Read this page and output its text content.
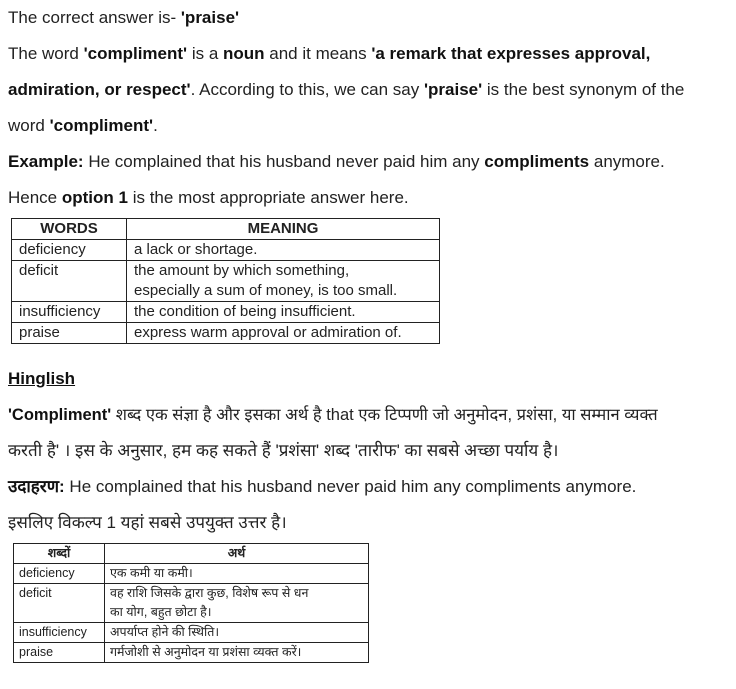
The correct answer is- 'praise'
The word 'compliment' is a noun and it means 'a remark that expresses approval,
admiration, or respect'. According to this, we can say 'praise' is the best synonym of the
word 'compliment'.
Example: He complained that his husband never paid him any compliments anymore.
Hence option 1 is the most appropriate answer here.
WORDS	MEANING
deficiency	a lack or shortage.
deficit	the amount by which something,
especially a sum of money, is too small.
insufficiency	the condition of being insufficient.
praise	express warm approval or admiration of.
Hinglish
'Compliment' शब्द एक संज्ञा है और इसका अर्थ है that एक टिप्पणी जो अनुमोदन, प्रशंसा, या सम्मान व्यक्त
करती है' । इस के अनुसार, हम कह सकते हैं 'प्रशंसा' शब्द 'तारीफ' का सबसे अच्छा पर्याय है।
उदाहरण: He complained that his husband never paid him any compliments anymore.
इसलिए विकल्प 1 यहां सबसे उपयुक्त उत्तर है।
शब्दों	अर्थ
deficiency	एक कमी या कमी।
deficit	वह राशि जिसके द्वारा कुछ, विशेष रूप से धन
का योग, बहुत छोटा है।
insufficiency	अपर्याप्त होने की स्थिति।
praise	गर्मजोशी से अनुमोदन या प्रशंसा व्यक्त करें।
